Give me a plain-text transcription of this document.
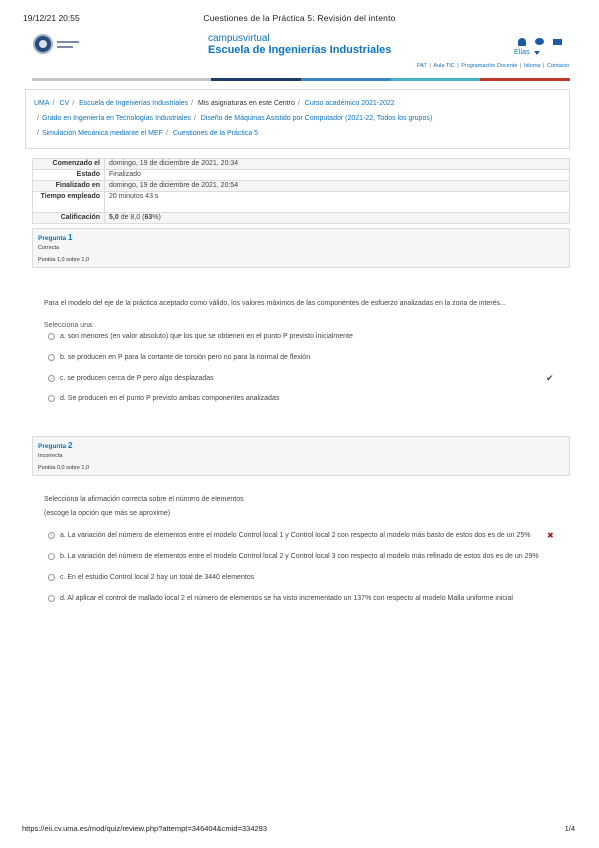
19/12/21 20:55	Cuestiones de la Práctica 5: Revisión del intento
campusvirtual
Escuela de Ingenierías Industriales	Elías
PAT | Aula TIC | Programación Docente | Idioma | Contacto
UMA / CV / Escuela de Ingenierías Industriales / Mis asignaturas en este Centro / Curso académico 2021-2022
/ Grado en Ingeniería en Tecnologías Industriales / Diseño de Máquinas Asistido por Computador (2021-22, Todos los grupos)
/ Simulación Mecánica mediante el MEF / Cuestiones de la Práctica 5
Comenzado el	domingo, 19 de diciembre de 2021, 20:34
Estado	Finalizado
Finalizado en	domingo, 19 de diciembre de 2021, 20:54
Tiempo empleado	20 minutos 43 s
Calificación	5,0 de 8,0 (63%)
Pregunta 1
Correcta
Puntúa 1,0 sobre 1,0
Para el modelo del eje de la práctica aceptado como válido, los valores máximos de las componentes de esfuerzo analizadas en la zona de interés...
Selecciona una:
a. son menores (en valor absoluto) que los que se obtienen en el punto P previsto inicialmente
b. se producen en P para la cortante de torsión pero no para la normal de flexión
c. se producen cerca de P pero algo desplazadas	✔
d. Se producen en el punto P previsto ambas componentes analizadas
Pregunta 2
Incorrecta
Puntúa 0,0 sobre 1,0
Selecciona la afirmación correcta sobre el número de elementos
(escoge la opción que más se aproxime)
a. La variación del número de elementos entre el modelo Control local 1 y Control local 2 con respecto al modelo más basto de estos dos es de un 25% ✖
b. La variación del número de elementos entre el modelo Control local 2 y Control local 3 con respecto al modelo más refinado de estos dos es de un 29%
c. En el estudio Control local 2 hay un total de 3440 elementos
d. Al aplicar el control de mallado local 2 el número de elementos se ha visto incrementado un 137% con respecto al modelo Malla uniforme inicial
https://eii.cv.uma.es/mod/quiz/review.php?attempt=346404&cmid=334293	1/4
